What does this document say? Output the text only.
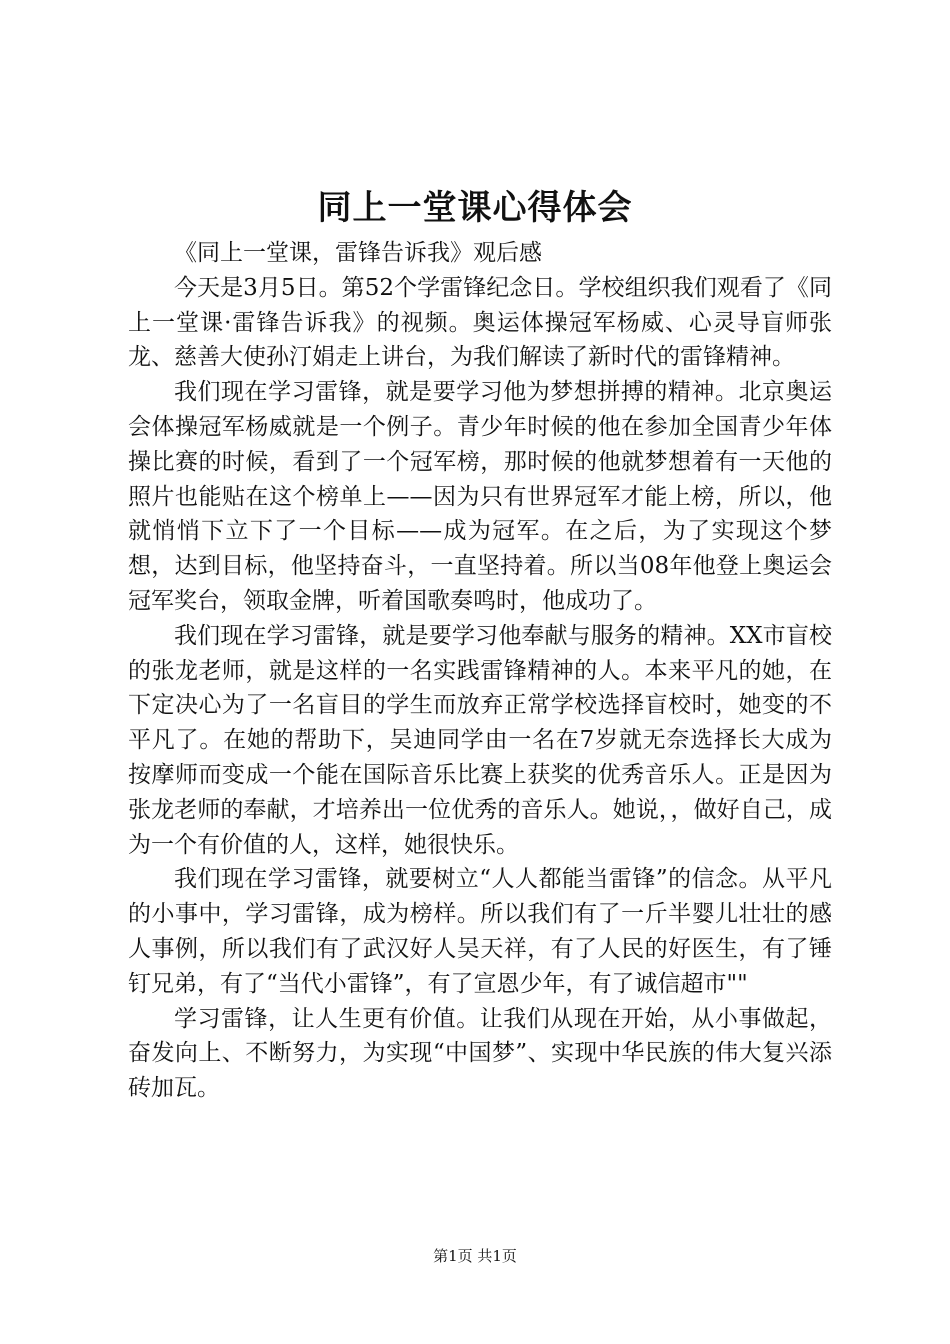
同上一堂课心得体会

《同上一堂课，雷锋告诉我》观后感

今天是3月5日。第52个学雷锋纪念日。学校组织我们观看了《同上一堂课·雷锋告诉我》的视频。奥运体操冠军杨威、心灵导盲师张龙、慈善大使孙汀娟走上讲台，为我们解读了新时代的雷锋精神。

我们现在学习雷锋，就是要学习他为梦想拼搏的精神。北京奥运会体操冠军杨威就是一个例子。青少年时候的他在参加全国青少年体操比赛的时候，看到了一个冠军榜，那时候的他就梦想着有一天他的照片也能贴在这个榜单上——因为只有世界冠军才能上榜，所以，他就悄悄下立下了一个目标——成为冠军。在之后，为了实现这个梦想，达到目标，他坚持奋斗，一直坚持着。所以当08年他登上奥运会冠军奖台，领取金牌，听着国歌奏鸣时，他成功了。

我们现在学习雷锋，就是要学习他奉献与服务的精神。XX市盲校的张龙老师，就是这样的一名实践雷锋精神的人。本来平凡的她，在下定决心为了一名盲目的学生而放弃正常学校选择盲校时，她变的不平凡了。在她的帮助下，吴迪同学由一名在7岁就无奈选择长大成为按摩师而变成一个能在国际音乐比赛上获奖的优秀音乐人。正是因为张龙老师的奉献，才培养出一位优秀的音乐人。她说，，做好自己，成为一个有价值的人，这样，她很快乐。

我们现在学习雷锋，就要树立“人人都能当雷锋”的信念。从平凡的小事中，学习雷锋，成为榜样。所以我们有了一斤半婴儿壮壮的感人事例，所以我们有了武汉好人吴天祥，有了人民的好医生，有了锤钉兄弟，有了“当代小雷锋”，有了宣恩少年，有了诚信超市""

学习雷锋，让人生更有价值。让我们从现在开始，从小事做起，奋发向上、不断努力，为实现“中国梦”、实现中华民族的伟大复兴添砖加瓦。

第1页 共1页
